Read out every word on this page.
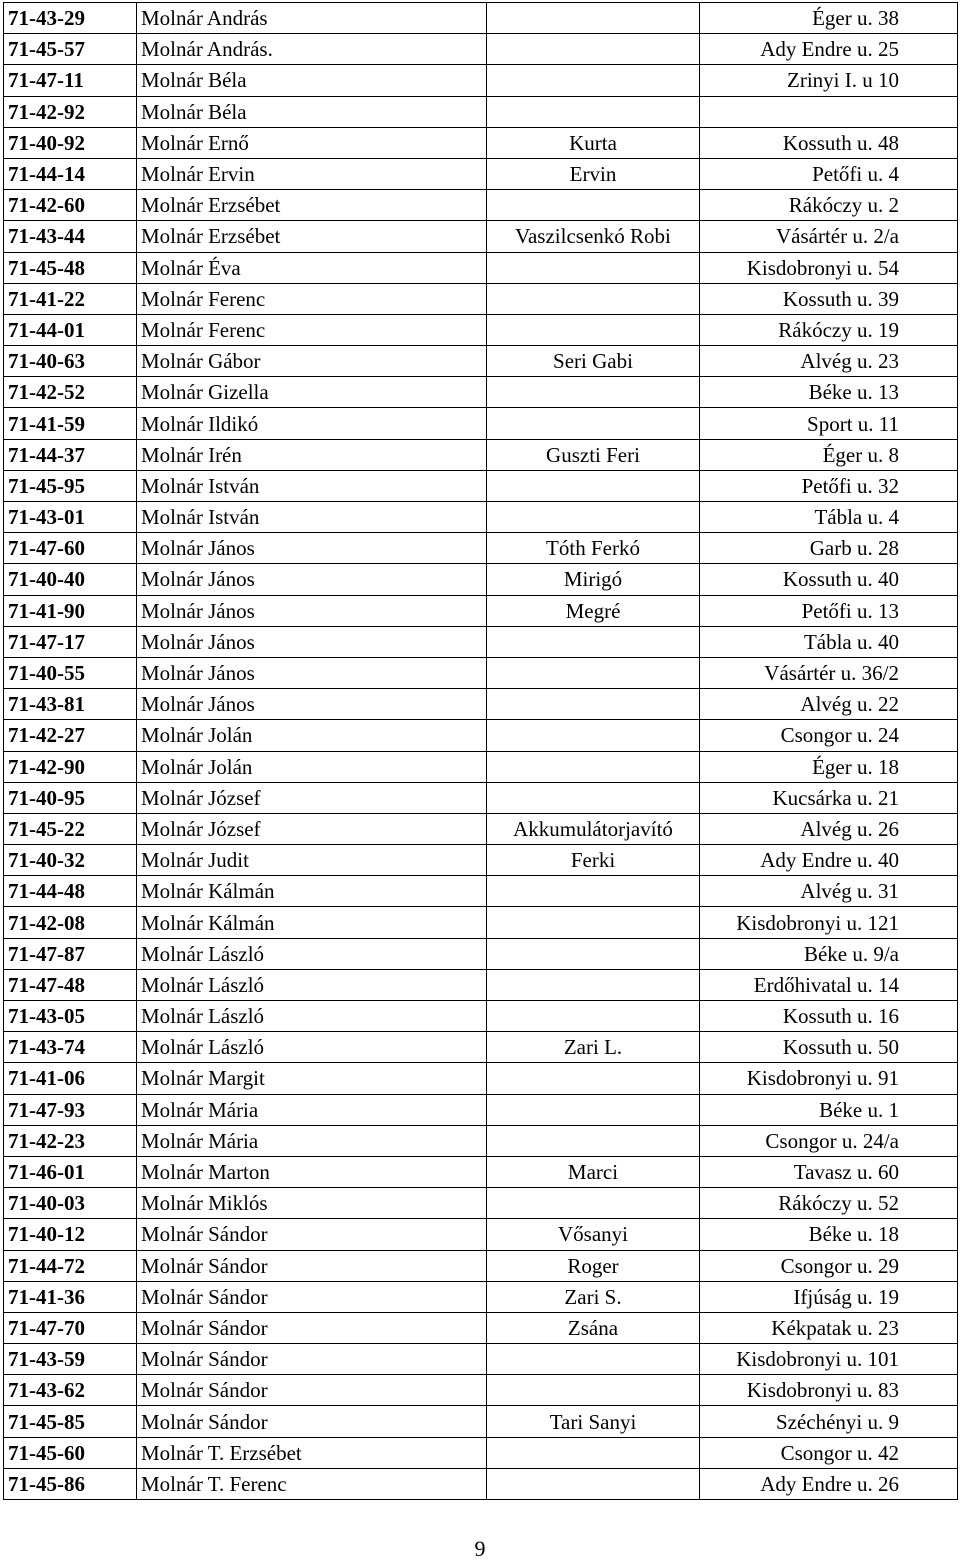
71-43-29	Molnár András		Éger u. 38
71-45-57	Molnár András.		Ady Endre u. 25
71-47-11	Molnár Béla		Zrinyi I. u 10
71-42-92	Molnár Béla		
71-40-92	Molnár Ernő	Kurta	Kossuth u. 48
71-44-14	Molnár Ervin	Ervin	Petőfi u. 4
71-42-60	Molnár Erzsébet		Rákóczy u. 2
71-43-44	Molnár Erzsébet	Vaszilcsenkó Robi	Vásártér u. 2/a
71-45-48	Molnár Éva		Kisdobronyi u. 54
71-41-22	Molnár Ferenc		Kossuth u. 39
71-44-01	Molnár Ferenc		Rákóczy u. 19
71-40-63	Molnár Gábor	Seri Gabi	Alvég u. 23
71-42-52	Molnár Gizella		Béke u. 13
71-41-59	Molnár Ildikó		Sport u. 11
71-44-37	Molnár Irén	Guszti Feri	Éger u. 8
71-45-95	Molnár István		Petőfi u. 32
71-43-01	Molnár István		Tábla u. 4
71-47-60	Molnár János	Tóth Ferkó	Garb u. 28
71-40-40	Molnár János	Mirigó	Kossuth u. 40
71-41-90	Molnár János	Megré	Petőfi u. 13
71-47-17	Molnár János		Tábla u. 40
71-40-55	Molnár János		Vásártér u. 36/2
71-43-81	Molnár János		Alvég u. 22
71-42-27	Molnár Jolán		Csongor u. 24
71-42-90	Molnár Jolán		Éger u. 18
71-40-95	Molnár József		Kucsárka u. 21
71-45-22	Molnár József	Akkumulátorjavító	Alvég u. 26
71-40-32	Molnár Judit	Ferki	Ady Endre u. 40
71-44-48	Molnár Kálmán		Alvég u. 31
71-42-08	Molnár Kálmán		Kisdobronyi u. 121
71-47-87	Molnár László		Béke u. 9/a
71-47-48	Molnár László		Erdőhivatal u. 14
71-43-05	Molnár László		Kossuth u. 16
71-43-74	Molnár László	Zari L.	Kossuth u. 50
71-41-06	Molnár Margit		Kisdobronyi u. 91
71-47-93	Molnár Mária		Béke u. 1
71-42-23	Molnár Mária		Csongor u. 24/a
71-46-01	Molnár Marton	Marci	Tavasz u. 60
71-40-03	Molnár Miklós		Rákóczy u. 52
71-40-12	Molnár Sándor	Vősanyi	Béke u. 18
71-44-72	Molnár Sándor	Roger	Csongor u. 29
71-41-36	Molnár Sándor	Zari S.	Ifjúság u. 19
71-47-70	Molnár Sándor	Zsána	Kékpatak u. 23
71-43-59	Molnár Sándor		Kisdobronyi u. 101
71-43-62	Molnár Sándor		Kisdobronyi u. 83
71-45-85	Molnár Sándor	Tari Sanyi	Széchényi u. 9
71-45-60	Molnár T. Erzsébet		Csongor u. 42
71-45-86	Molnár T. Ferenc		Ady Endre u. 26
9
